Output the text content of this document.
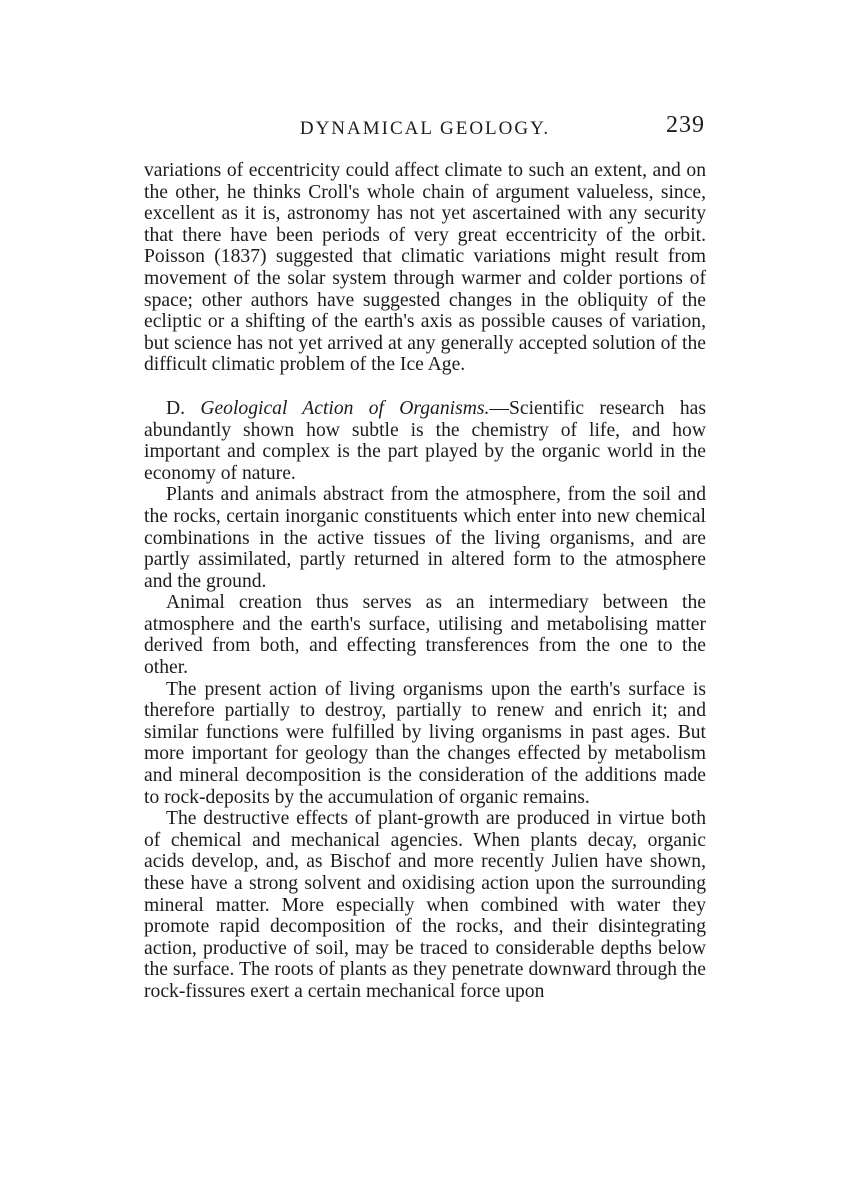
DYNAMICAL GEOLOGY.	239

variations of eccentricity could affect climate to such an extent, and on the other, he thinks Croll's whole chain of argument valueless, since, excellent as it is, astronomy has not yet ascertained with any security that there have been periods of very great eccentricity of the orbit. Poisson (1837) suggested that climatic variations might result from movement of the solar system through warmer and colder portions of space; other authors have suggested changes in the obliquity of the ecliptic or a shifting of the earth's axis as possible causes of variation, but science has not yet arrived at any generally accepted solution of the difficult climatic problem of the Ice Age.

D. Geological Action of Organisms.—Scientific research has abundantly shown how subtle is the chemistry of life, and how important and complex is the part played by the organic world in the economy of nature.

Plants and animals abstract from the atmosphere, from the soil and the rocks, certain inorganic constituents which enter into new chemical combinations in the active tissues of the living organisms, and are partly assimilated, partly returned in altered form to the atmosphere and the ground.

Animal creation thus serves as an intermediary between the atmosphere and the earth's surface, utilising and metabolising matter derived from both, and effecting transferences from the one to the other.

The present action of living organisms upon the earth's surface is therefore partially to destroy, partially to renew and enrich it; and similar functions were fulfilled by living organisms in past ages. But more important for geology than the changes effected by metabolism and mineral decomposition is the consideration of the additions made to rock-deposits by the accumulation of organic remains.

The destructive effects of plant-growth are produced in virtue both of chemical and mechanical agencies. When plants decay, organic acids develop, and, as Bischof and more recently Julien have shown, these have a strong solvent and oxidising action upon the surrounding mineral matter. More especially when combined with water they promote rapid decomposition of the rocks, and their disintegrating action, productive of soil, may be traced to considerable depths below the surface. The roots of plants as they penetrate downward through the rock-fissures exert a certain mechanical force upon
